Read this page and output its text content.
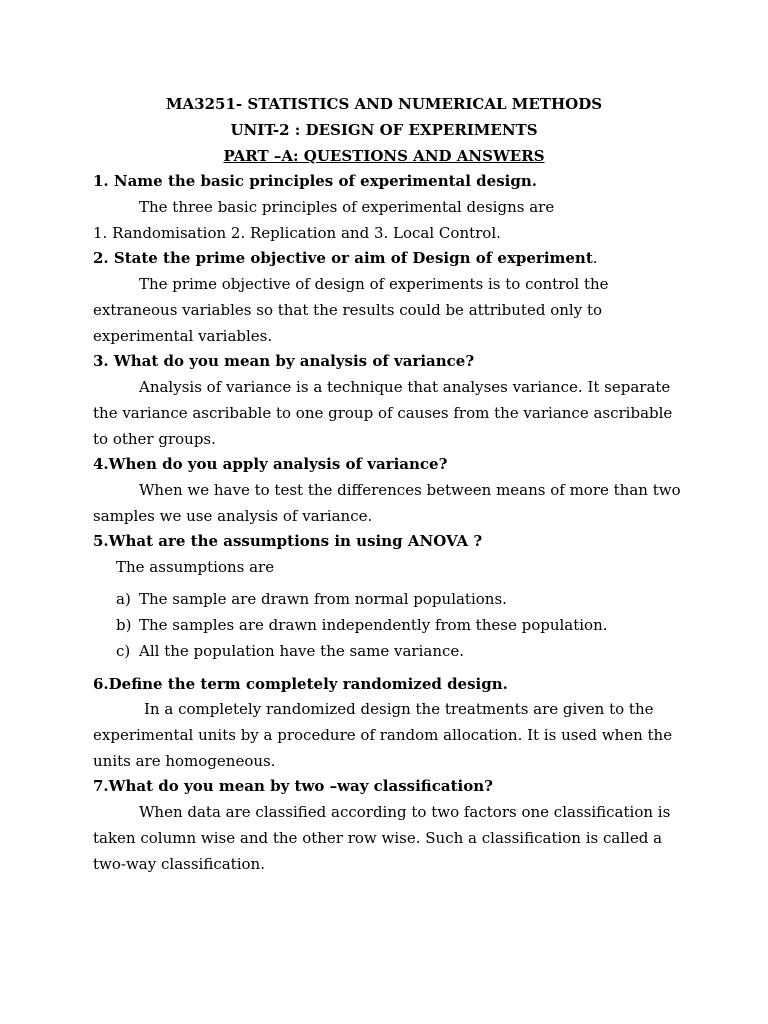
MA3251- STATISTICS AND NUMERICAL METHODS
UNIT-2 : DESIGN OF EXPERIMENTS
PART –A: QUESTIONS AND ANSWERS
1. Name the basic principles of experimental design.
The three basic principles of experimental designs are
1. Randomisation 2. Replication and 3. Local Control.
2. State the prime objective or aim of Design of experiment.
The prime objective of design of experiments is to control the
extraneous variables so that the results could be attributed only to
experimental variables.
3. What do you mean by analysis of variance?
Analysis of variance is a technique that analyses variance. It separate
the variance ascribable to one group of causes from the variance ascribable
to other groups.
4.When do you apply analysis of variance?
When we have to test the differences between means of more than two
samples we use analysis of variance.
5.What are the assumptions in using ANOVA ?
The assumptions are
a) The sample are drawn from normal populations.
b) The samples are drawn independently from these population.
c) All the population have the same variance.
6.Define the term completely randomized design.
In a completely randomized design the treatments are given to the
experimental units by a procedure of random allocation. It is used when the
units are homogeneous.
7.What do you mean by two –way classification?
When data are classified according to two factors one classification is
taken column wise and the other row wise. Such a classification is called a
two-way classification.
